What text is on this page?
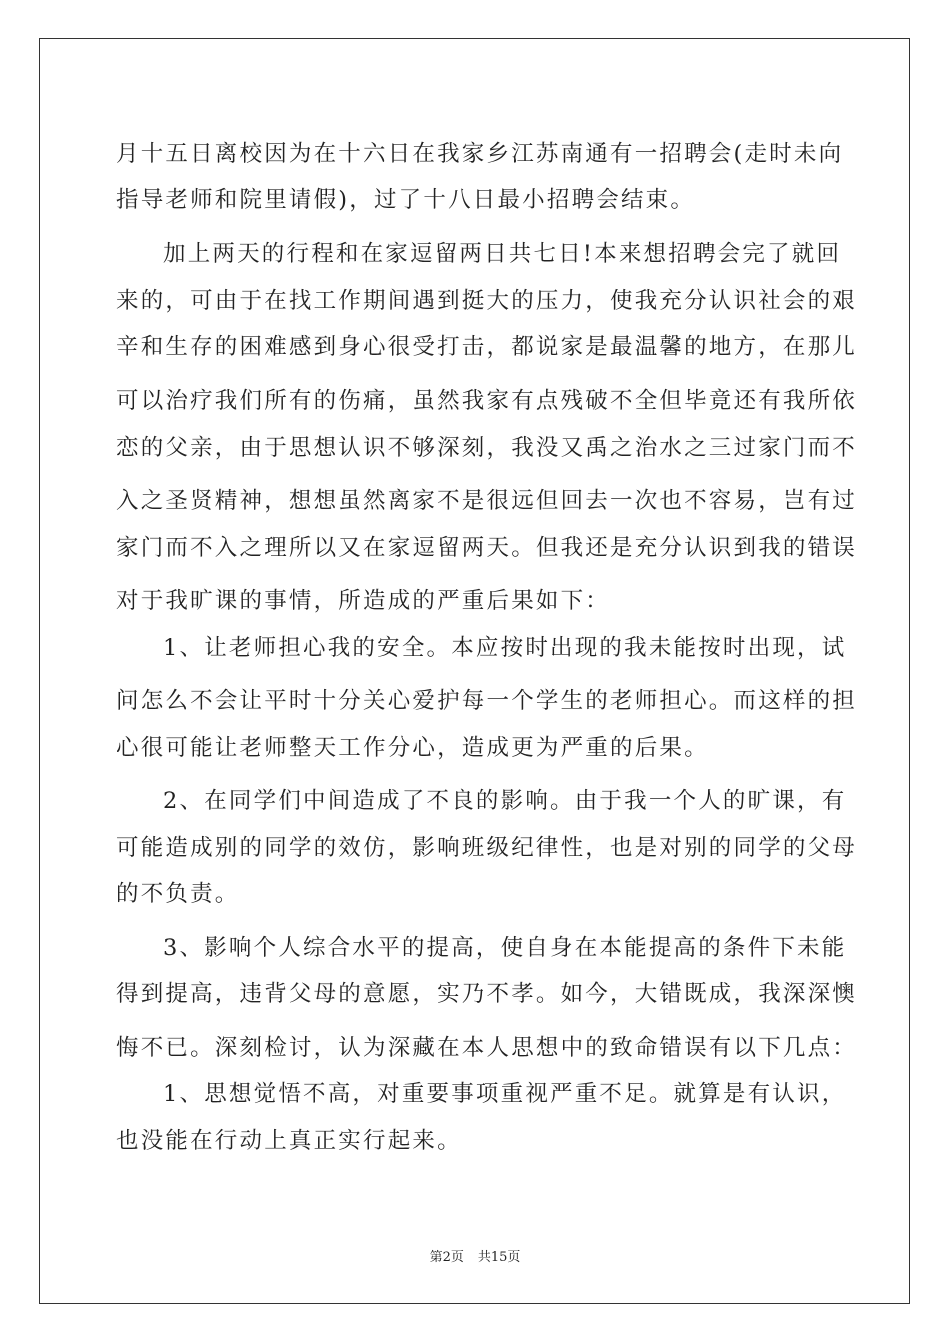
月十五日离校因为在十六日在我家乡江苏南通有一招聘会(走时未向
指导老师和院里请假)，过了十八日最小招聘会结束。
加上两天的行程和在家逗留两日共七日!本来想招聘会完了就回
来的，可由于在找工作期间遇到挺大的压力，使我充分认识社会的艰
辛和生存的困难感到身心很受打击，都说家是最温馨的地方，在那儿
可以治疗我们所有的伤痛，虽然我家有点残破不全但毕竟还有我所依
恋的父亲，由于思想认识不够深刻，我没又禹之治水之三过家门而不
入之圣贤精神，想想虽然离家不是很远但回去一次也不容易，岂有过
家门而不入之理所以又在家逗留两天。但我还是充分认识到我的错误
对于我旷课的事情，所造成的严重后果如下：
1、让老师担心我的安全。本应按时出现的我未能按时出现，试
问怎么不会让平时十分关心爱护每一个学生的老师担心。而这样的担
心很可能让老师整天工作分心，造成更为严重的后果。
2、在同学们中间造成了不良的影响。由于我一个人的旷课，有
可能造成别的同学的效仿，影响班级纪律性，也是对别的同学的父母
的不负责。
3、影响个人综合水平的提高，使自身在本能提高的条件下未能
得到提高，违背父母的意愿，实乃不孝。如今，大错既成，我深深懊
悔不已。深刻检讨，认为深藏在本人思想中的致命错误有以下几点：
1、思想觉悟不高，对重要事项重视严重不足。就算是有认识，
也没能在行动上真正实行起来。
第2页 共15页
